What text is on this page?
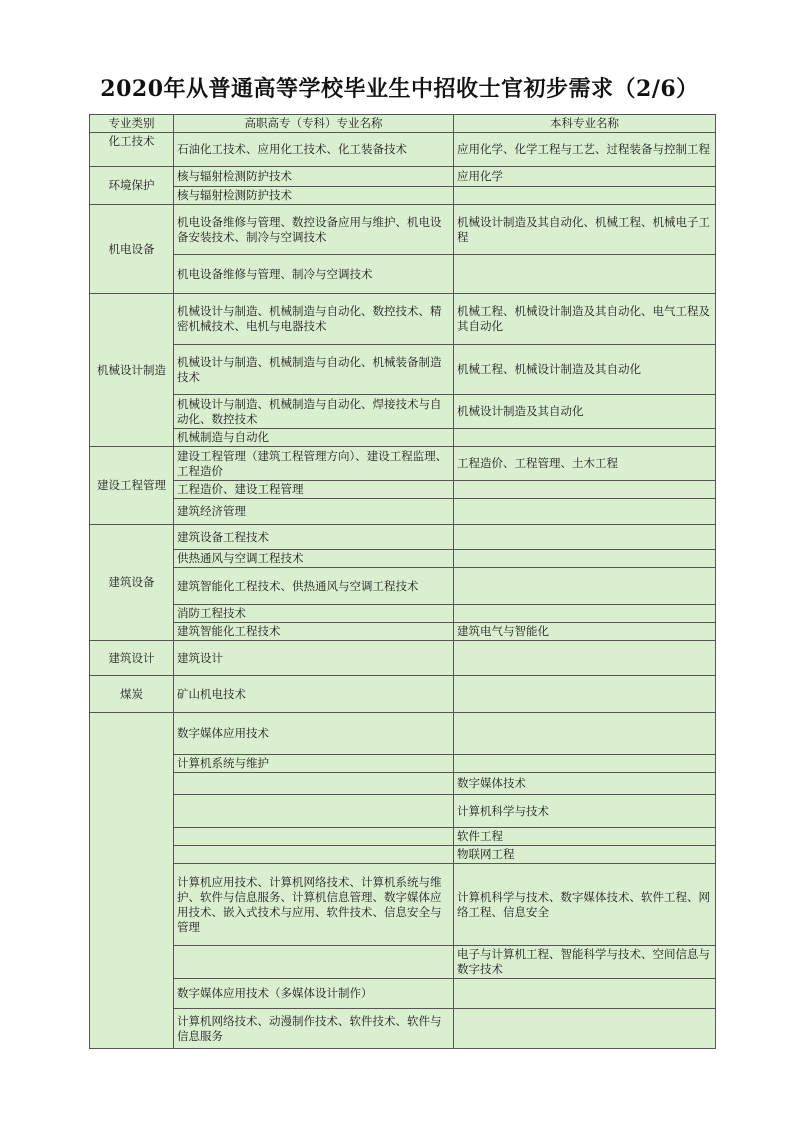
2020年从普通高等学校毕业生中招收士官初步需求（2/6）
专业类别	高职高专（专科）专业名称	本科专业名称
化工技术	石油化工技术、应用化工技术、化工装备技术	应用化学、化学工程与工艺、过程装备与控制工程
环境保护	核与辐射检测防护技术	应用化学
	核与辐射检测防护技术	
机电设备	机电设备维修与管理、数控设备应用与维护、机电设备安装技术、制冷与空调技术	机械设计制造及其自动化、机械工程、机械电子工程
	机电设备维修与管理、制冷与空调技术	
机械设计制造	机械设计与制造、机械制造与自动化、数控技术、精密机械技术、电机与电器技术	机械工程、机械设计制造及其自动化、电气工程及其自动化
	机械设计与制造、机械制造与自动化、机械装备制造技术	机械工程、机械设计制造及其自动化
	机械设计与制造、机械制造与自动化、焊接技术与自动化、数控技术	机械设计制造及其自动化
	机械制造与自动化	
建设工程管理	建设工程管理（建筑工程管理方向）、建设工程监理、工程造价	工程造价、工程管理、土木工程
	工程造价、建设工程管理	
	建筑经济管理	
建筑设备	建筑设备工程技术	
	供热通风与空调工程技术	
	建筑智能化工程技术、供热通风与空调工程技术	
	消防工程技术	
	建筑智能化工程技术	建筑电气与智能化
建筑设计	建筑设计	
煤炭	矿山机电技术	
	数字媒体应用技术	
	计算机系统与维护	
		数字媒体技术
		计算机科学与技术
		软件工程
		物联网工程
	计算机应用技术、计算机网络技术、计算机系统与维护、软件与信息服务、计算机信息管理、数字媒体应用技术、嵌入式技术与应用、软件技术、信息安全与管理	计算机科学与技术、数字媒体技术、软件工程、网络工程、信息安全
		电子与计算机工程、智能科学与技术、空间信息与数字技术
	数字媒体应用技术（多媒体设计制作）	
	计算机网络技术、动漫制作技术、软件技术、软件与信息服务	
